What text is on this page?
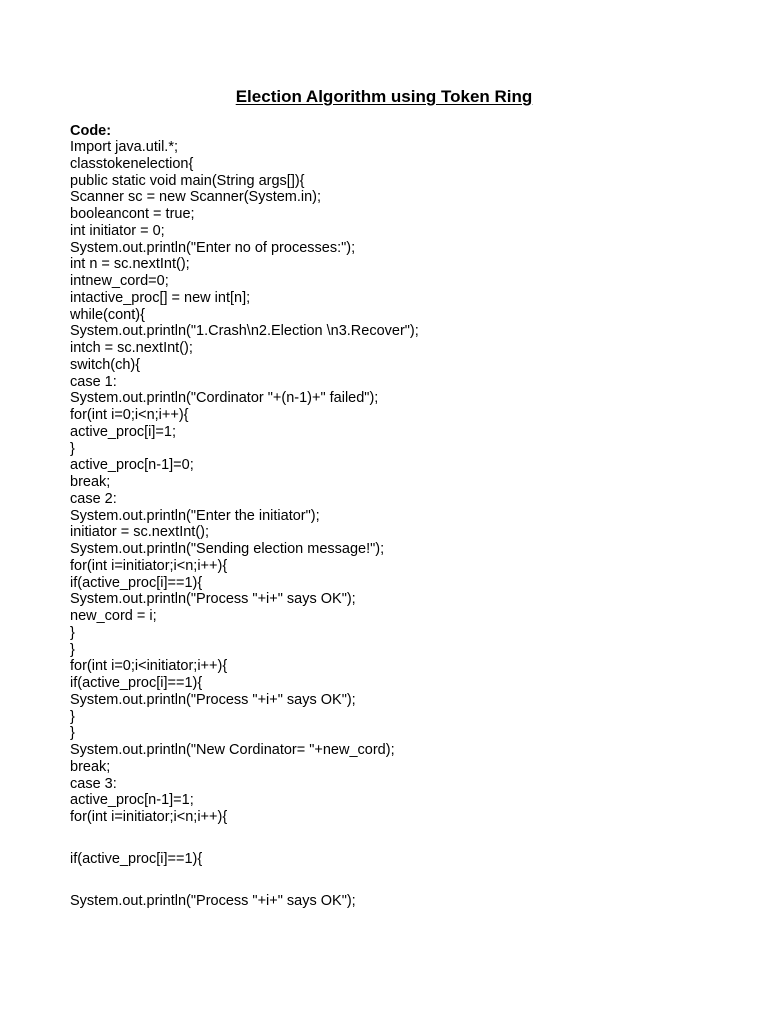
Election Algorithm using Token Ring
Code:
Import java.util.*;
classtokenelection{
public static void main(String args[]){
Scanner sc = new Scanner(System.in);
booleancont = true;
int initiator = 0;
System.out.println("Enter no of processes:");
int n = sc.nextInt();
intnew_cord=0;
intactive_proc[] = new int[n];
while(cont){
System.out.println("1.Crash\n2.Election \n3.Recover");
intch = sc.nextInt();
switch(ch){
case 1:
System.out.println("Cordinator "+(n-1)+" failed");
for(int i=0;i<n;i++){
active_proc[i]=1;
}
active_proc[n-1]=0;
break;
case 2:
System.out.println("Enter the initiator");
initiator = sc.nextInt();
System.out.println("Sending election message!");
for(int i=initiator;i<n;i++){
if(active_proc[i]==1){
System.out.println("Process "+i+" says OK");
new_cord = i;
}
}
for(int i=0;i<initiator;i++){
if(active_proc[i]==1){
System.out.println("Process "+i+" says OK");
}
}
System.out.println("New Cordinator= "+new_cord);
break;
case 3:
active_proc[n-1]=1;
for(int i=initiator;i<n;i++){
if(active_proc[i]==1){
System.out.println("Process "+i+" says OK");
